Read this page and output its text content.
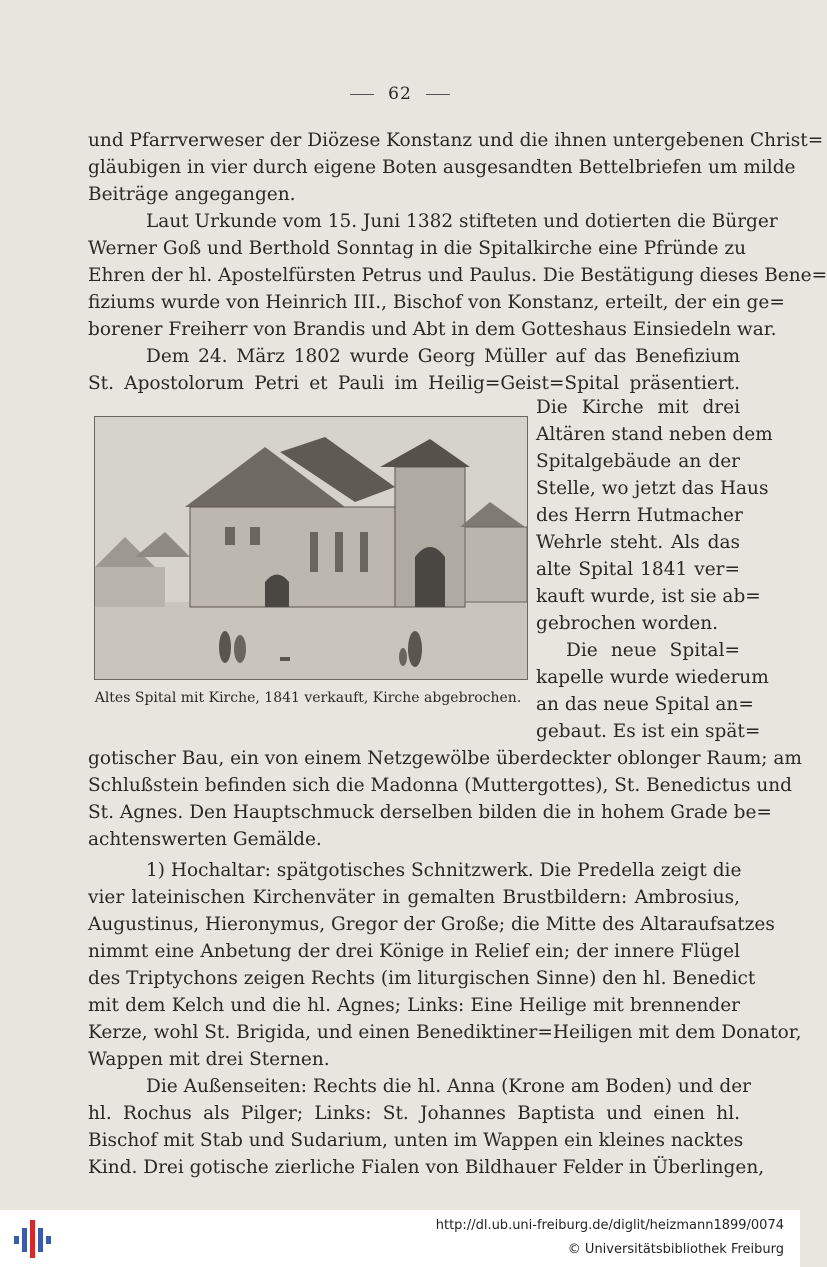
62
und Pfarrverweser der Diözese Konstanz und die ihnen untergebenen Christ=
gläubigen in vier durch eigene Boten ausgesandten Bettelbriefen um milde
Beiträge angegangen.
Laut Urkunde vom 15. Juni 1382 stifteten und dotierten die Bürger
Werner Goß und Berthold Sonntag in die Spitalkirche eine Pfründe zu
Ehren der hl. Apostelfürsten Petrus und Paulus. Die Bestätigung dieses Bene=
fiziums wurde von Heinrich III., Bischof von Konstanz, erteilt, der ein ge=
borener Freiherr von Brandis und Abt in dem Gotteshaus Einsiedeln war.
Dem 24. März 1802 wurde Georg Müller auf das Benefizium
St. Apostolorum Petri et Pauli im Heilig=Geist=Spital präsentiert.
Die Kirche mit drei
Altären stand neben dem
Spitalgebäude an der
Stelle, wo jetzt das Haus
des Herrn Hutmacher
Wehrle steht. Als das
alte Spital 1841 ver=
kauft wurde, ist sie ab=
gebrochen worden.
Die neue Spital=
kapelle wurde wiederum
an das neue Spital an=
gebaut. Es ist ein spät=
Altes Spital mit Kirche, 1841 verkauft, Kirche abgebrochen.
gotischer Bau, ein von einem Netzgewölbe überdeckter oblonger Raum; am
Schlußstein befinden sich die Madonna (Muttergottes), St. Benedictus und
St. Agnes. Den Hauptschmuck derselben bilden die in hohem Grade be=
achtenswerten Gemälde.
1) Hochaltar: spätgotisches Schnitzwerk. Die Predella zeigt die
vier lateinischen Kirchenväter in gemalten Brustbildern: Ambrosius,
Augustinus, Hieronymus, Gregor der Große; die Mitte des Altaraufsatzes
nimmt eine Anbetung der drei Könige in Relief ein; der innere Flügel
des Triptychons zeigen Rechts (im liturgischen Sinne) den hl. Benedict
mit dem Kelch und die hl. Agnes; Links: Eine Heilige mit brennender
Kerze, wohl St. Brigida, und einen Benediktiner=Heiligen mit dem Donator,
Wappen mit drei Sternen.
Die Außenseiten: Rechts die hl. Anna (Krone am Boden) und der
hl. Rochus als Pilger; Links: St. Johannes Baptista und einen hl.
Bischof mit Stab und Sudarium, unten im Wappen ein kleines nacktes
Kind. Drei gotische zierliche Fialen von Bildhauer Felder in Überlingen,
http://dl.ub.uni-freiburg.de/diglit/heizmann1899/0074
© Universitätsbibliothek Freiburg
